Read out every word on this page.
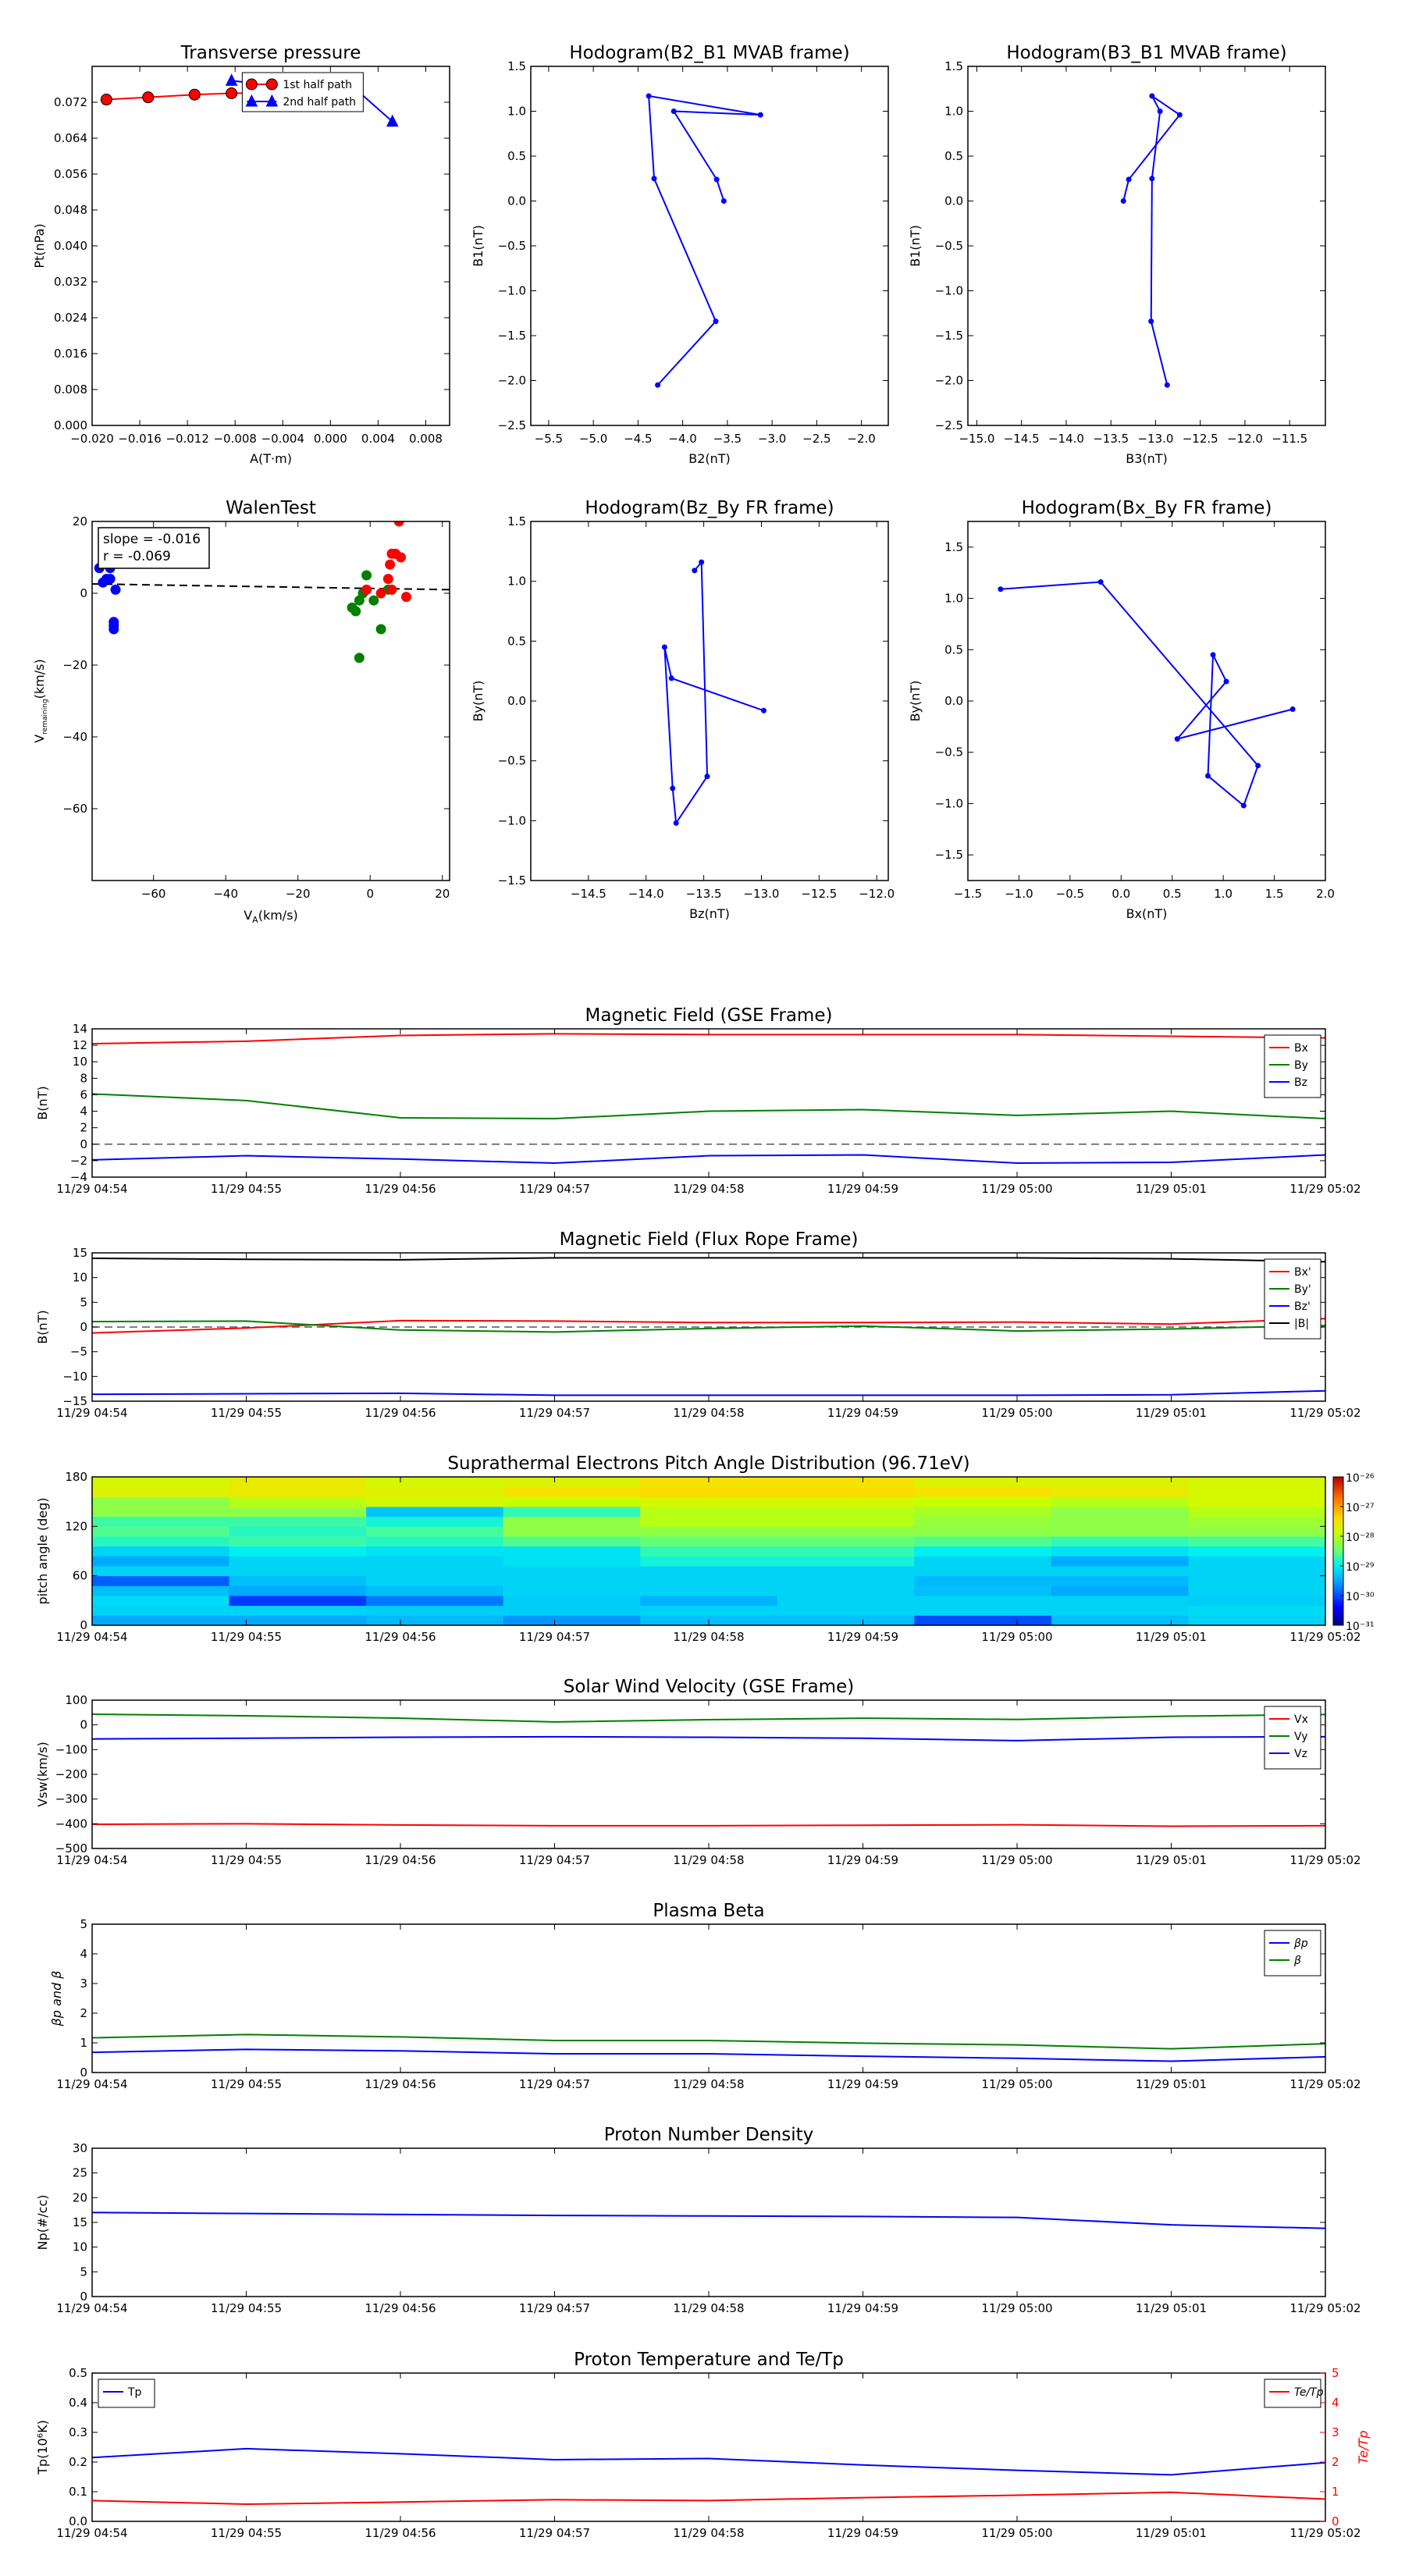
0.000
0.008
0.016
0.024
0.032
0.040
0.048
0.056
0.064
0.072
−0.020 −0.016 −0.012 −0.008 −0.004 0.000 0.004 0.008
Transverse pressure
A(T·m)
Pt(nPa)
1st half path
2nd half path
−2.5
−2.0
−1.5
−1.0
−0.5
0.0
0.5
1.0
1.5
−5.5 −5.0 −4.5 −4.0 −3.5 −3.0 −2.5 −2.0
Hodogram(B2_B1 MVAB frame)
B2(nT)
B1(nT)
−2.5
−2.0
−1.5
−1.0
−0.5
0.0
0.5
1.0
1.5
−15.0 −14.5 −14.0 −13.5 −13.0 −12.5 −12.0 −11.5
Hodogram(B3_B1 MVAB frame)
B3(nT)
B1(nT)
−60
−40
−20
0
20
−60	−40	−20	0	20
WalenTest
slope = -0.016
r = -0.069
$V_A(km/s)$
$V_{remaining}(km/s)$
−1.5
−1.0
−0.5
0.0
0.5
1.0
1.5
−14.5 −14.0 −13.5 −13.0 −12.5 −12.0
Hodogram(Bz_By FR frame)
Bz(nT)
By(nT)
−1.5
−1.0
−0.5
0.0
0.5
1.0
1.5
−1.5 −1.0 −0.5 0.0	0.5	1.0	1.5	2.0
Hodogram(Bx_By FR frame)
Bx(nT)
By(nT)
−4
−2
0
2
4
6
8
10
12
14
11/29 04:54	11/29 04:55	11/29 04:56	11/29 04:57	11/29 04:58	11/29 04:59	11/29 05:00	11/29 05:01	11/29 05:02
Magnetic Field (GSE Frame)
B(nT)
Bx
By
Bz
−15
−10
−5
0
5
10
15
11/29 04:54	11/29 04:55	11/29 04:56	11/29 04:57	11/29 04:58	11/29 04:59	11/29 05:00	11/29 05:01	11/29 05:02
Magnetic Field (Flux Rope Frame)
B(nT)
Bx'
By'
Bz'
|B|
0
60
120
180
11/29 04:54	11/29 04:55	11/29 04:56	11/29 04:57	11/29 04:58	11/29 04:59	11/29 05:00	11/29 05:01	11/29 05:02
Suprathermal Electrons Pitch Angle Distribution (96.71eV)
pitch angle (deg)
10⁻²⁶
10⁻²⁷
10⁻²⁸
10⁻²⁹
10⁻³⁰
10⁻³¹
−500
−400
−300
−200
−100
0
100
11/29 04:54	11/29 04:55	11/29 04:56	11/29 04:57	11/29 04:58	11/29 04:59	11/29 05:00	11/29 05:01	11/29 05:02
Solar Wind Velocity (GSE Frame)
Vsw(km/s)
Vx
Vy
Vz
0
1
2
3
4
5
11/29 04:54	11/29 04:55	11/29 04:56	11/29 04:57	11/29 04:58	11/29 04:59	11/29 05:00	11/29 05:01	11/29 05:02
Plasma Beta
βp and β
βp
β
0
5
10
15
20
25
30
11/29 04:54	11/29 04:55	11/29 04:56	11/29 04:57	11/29 04:58	11/29 04:59	11/29 05:00	11/29 05:01	11/29 05:02
Proton Number Density
Np(#/cc)
0.0
0.1
0.2
0.3
0.4
0.5
11/29 04:54	11/29 04:55	11/29 04:56	11/29 04:57	11/29 04:58	11/29 04:59	11/29 05:00	11/29 05:01	11/29 05:02
Tp(10⁶K)
0
1
2
3
4
5
Te/Tp
Proton Temperature and Te/Tp
Tp	Te/Tp
